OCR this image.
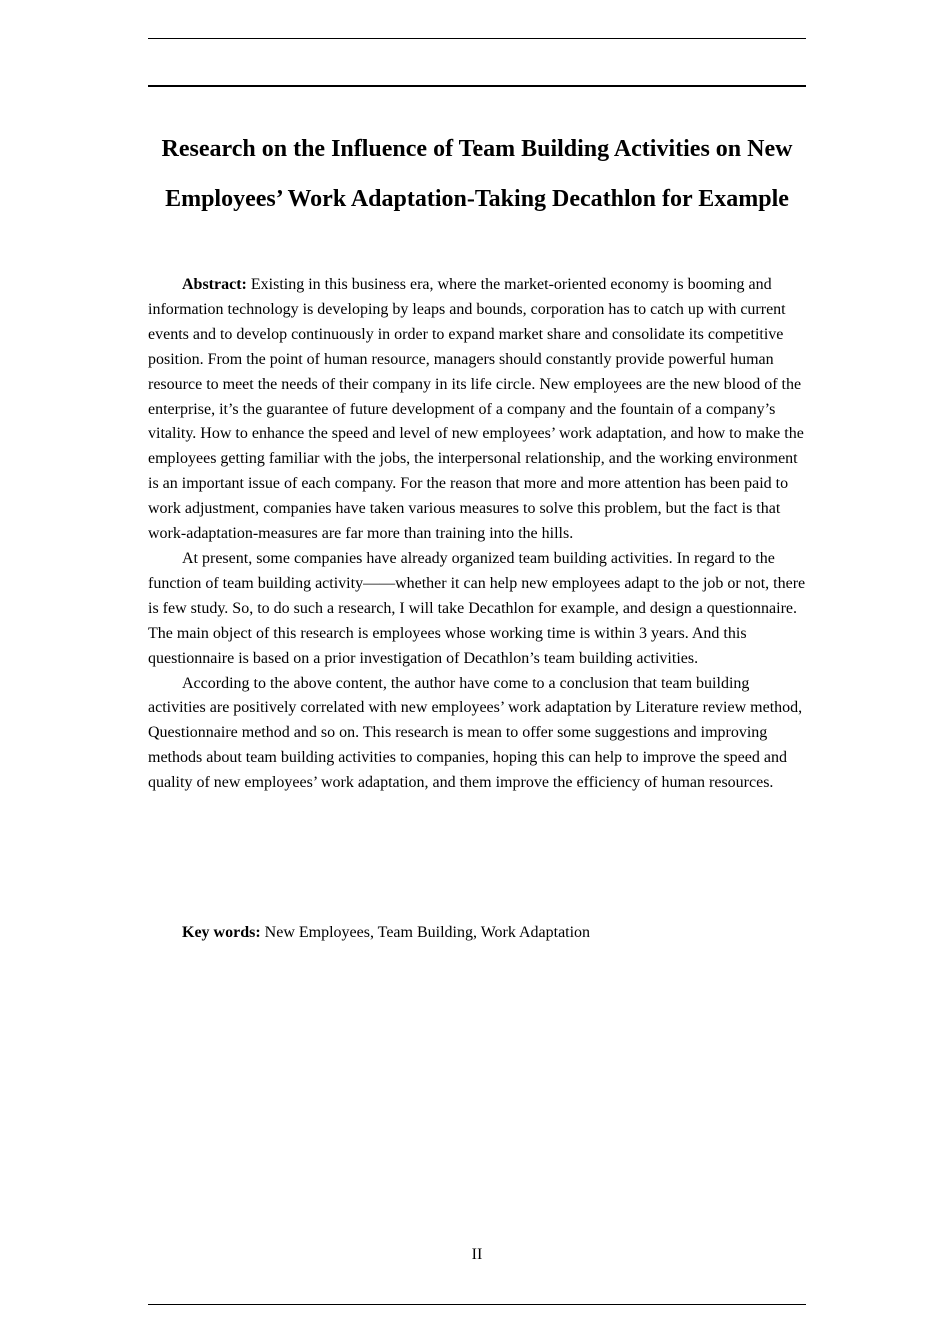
Research on the Influence of Team Building Activities on New
Employees’ Work Adaptation-Taking Decathlon for Example

Abstract: Existing in this business era, where the market-oriented economy is booming and information technology is developing by leaps and bounds, corporation has to catch up with current events and to develop continuously in order to expand market share and consolidate its competitive position. From the point of human resource, managers should constantly provide powerful human resource to meet the needs of their company in its life circle. New employees are the new blood of the enterprise, it’s the guarantee of future development of a company and the fountain of a company’s vitality. How to enhance the speed and level of new employees’ work adaptation, and how to make the employees getting familiar with the jobs, the interpersonal relationship, and the working environment is an important issue of each company. For the reason that more and more attention has been paid to work adjustment, companies have taken various measures to solve this problem, but the fact is that work-adaptation-measures are far more than training into the hills.

At present, some companies have already organized team building activities. In regard to the function of team building activity——whether it can help new employees adapt to the job or not, there is few study. So, to do such a research, I will take Decathlon for example, and design a questionnaire. The main object of this research is employees whose working time is within 3 years. And this questionnaire is based on a prior investigation of Decathlon’s team building activities.

According to the above content, the author have come to a conclusion that team building activities are positively correlated with new employees’ work adaptation by Literature review method, Questionnaire method and so on. This research is mean to offer some suggestions and improving methods about team building activities to companies, hoping this can help to improve the speed and quality of new employees’ work adaptation, and them improve the efficiency of human resources.

Key words: New Employees, Team Building, Work Adaptation

II
